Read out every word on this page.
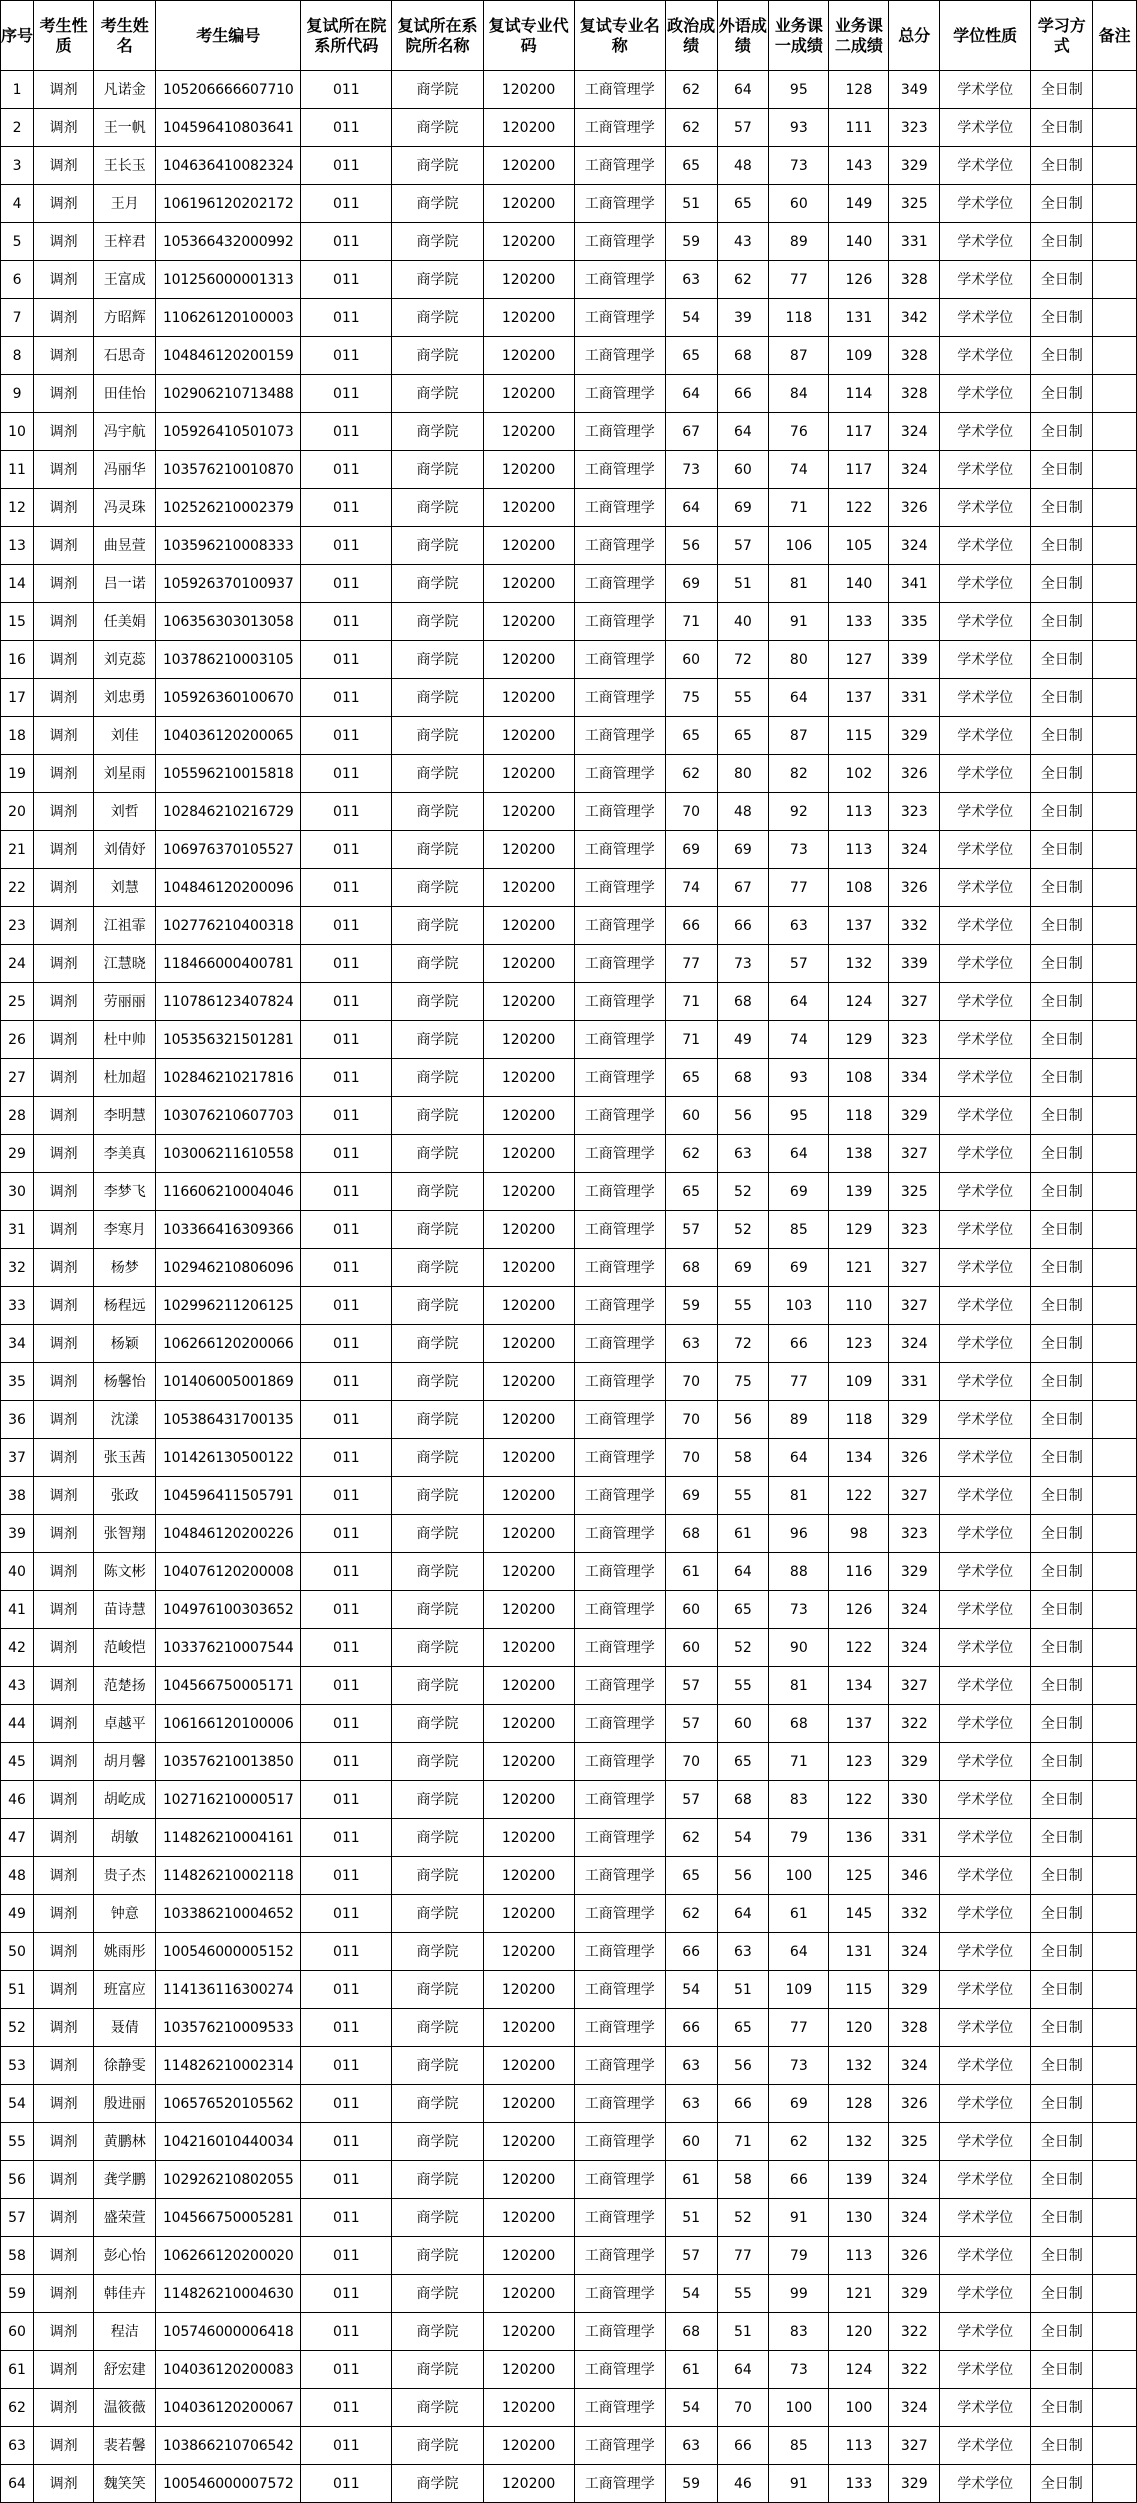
序号	考生性质	考生姓名	考生编号	复试所在院系所代码	复试所在系院所名称	复试专业代码	复试专业名称	政治成绩	外语成绩	业务课一成绩	业务课二成绩	总分	学位性质	学习方式	备注
1	调剂	凡诺金	105206666607710	011	商学院	120200	工商管理学	62	64	95	128	349	学术学位	全日制	
2	调剂	王一帆	104596410803641	011	商学院	120200	工商管理学	62	57	93	111	323	学术学位	全日制	
3	调剂	王长玉	104636410082324	011	商学院	120200	工商管理学	65	48	73	143	329	学术学位	全日制	
4	调剂	王月	106196120202172	011	商学院	120200	工商管理学	51	65	60	149	325	学术学位	全日制	
5	调剂	王梓君	105366432000992	011	商学院	120200	工商管理学	59	43	89	140	331	学术学位	全日制	
6	调剂	王富成	101256000001313	011	商学院	120200	工商管理学	63	62	77	126	328	学术学位	全日制	
7	调剂	方昭辉	110626120100003	011	商学院	120200	工商管理学	54	39	118	131	342	学术学位	全日制	
8	调剂	石思奇	104846120200159	011	商学院	120200	工商管理学	65	68	87	109	328	学术学位	全日制	
9	调剂	田佳怡	102906210713488	011	商学院	120200	工商管理学	64	66	84	114	328	学术学位	全日制	
10	调剂	冯宇航	105926410501073	011	商学院	120200	工商管理学	67	64	76	117	324	学术学位	全日制	
11	调剂	冯丽华	103576210010870	011	商学院	120200	工商管理学	73	60	74	117	324	学术学位	全日制	
12	调剂	冯灵珠	102526210002379	011	商学院	120200	工商管理学	64	69	71	122	326	学术学位	全日制	
13	调剂	曲昱萱	103596210008333	011	商学院	120200	工商管理学	56	57	106	105	324	学术学位	全日制	
14	调剂	吕一诺	105926370100937	011	商学院	120200	工商管理学	69	51	81	140	341	学术学位	全日制	
15	调剂	任美娟	106356303013058	011	商学院	120200	工商管理学	71	40	91	133	335	学术学位	全日制	
16	调剂	刘克蕊	103786210003105	011	商学院	120200	工商管理学	60	72	80	127	339	学术学位	全日制	
17	调剂	刘忠勇	105926360100670	011	商学院	120200	工商管理学	75	55	64	137	331	学术学位	全日制	
18	调剂	刘佳	104036120200065	011	商学院	120200	工商管理学	65	65	87	115	329	学术学位	全日制	
19	调剂	刘星雨	105596210015818	011	商学院	120200	工商管理学	62	80	82	102	326	学术学位	全日制	
20	调剂	刘哲	102846210216729	011	商学院	120200	工商管理学	70	48	92	113	323	学术学位	全日制	
21	调剂	刘倩妤	106976370105527	011	商学院	120200	工商管理学	69	69	73	113	324	学术学位	全日制	
22	调剂	刘慧	104846120200096	011	商学院	120200	工商管理学	74	67	77	108	326	学术学位	全日制	
23	调剂	江祖霏	102776210400318	011	商学院	120200	工商管理学	66	66	63	137	332	学术学位	全日制	
24	调剂	江慧晓	118466000400781	011	商学院	120200	工商管理学	77	73	57	132	339	学术学位	全日制	
25	调剂	劳丽丽	110786123407824	011	商学院	120200	工商管理学	71	68	64	124	327	学术学位	全日制	
26	调剂	杜中帅	105356321501281	011	商学院	120200	工商管理学	71	49	74	129	323	学术学位	全日制	
27	调剂	杜加超	102846210217816	011	商学院	120200	工商管理学	65	68	93	108	334	学术学位	全日制	
28	调剂	李明慧	103076210607703	011	商学院	120200	工商管理学	60	56	95	118	329	学术学位	全日制	
29	调剂	李美真	103006211610558	011	商学院	120200	工商管理学	62	63	64	138	327	学术学位	全日制	
30	调剂	李梦飞	116606210004046	011	商学院	120200	工商管理学	65	52	69	139	325	学术学位	全日制	
31	调剂	李寒月	103366416309366	011	商学院	120200	工商管理学	57	52	85	129	323	学术学位	全日制	
32	调剂	杨梦	102946210806096	011	商学院	120200	工商管理学	68	69	69	121	327	学术学位	全日制	
33	调剂	杨程远	102996211206125	011	商学院	120200	工商管理学	59	55	103	110	327	学术学位	全日制	
34	调剂	杨颖	106266120200066	011	商学院	120200	工商管理学	63	72	66	123	324	学术学位	全日制	
35	调剂	杨馨怡	101406005001869	011	商学院	120200	工商管理学	70	75	77	109	331	学术学位	全日制	
36	调剂	沈漾	105386431700135	011	商学院	120200	工商管理学	70	56	89	118	329	学术学位	全日制	
37	调剂	张玉茜	101426130500122	011	商学院	120200	工商管理学	70	58	64	134	326	学术学位	全日制	
38	调剂	张政	104596411505791	011	商学院	120200	工商管理学	69	55	81	122	327	学术学位	全日制	
39	调剂	张智翔	104846120200226	011	商学院	120200	工商管理学	68	61	96	98	323	学术学位	全日制	
40	调剂	陈文彬	104076120200008	011	商学院	120200	工商管理学	61	64	88	116	329	学术学位	全日制	
41	调剂	苗诗慧	104976100303652	011	商学院	120200	工商管理学	60	65	73	126	324	学术学位	全日制	
42	调剂	范峻恺	103376210007544	011	商学院	120200	工商管理学	60	52	90	122	324	学术学位	全日制	
43	调剂	范楚扬	104566750005171	011	商学院	120200	工商管理学	57	55	81	134	327	学术学位	全日制	
44	调剂	卓越平	106166120100006	011	商学院	120200	工商管理学	57	60	68	137	322	学术学位	全日制	
45	调剂	胡月馨	103576210013850	011	商学院	120200	工商管理学	70	65	71	123	329	学术学位	全日制	
46	调剂	胡屹成	102716210000517	011	商学院	120200	工商管理学	57	68	83	122	330	学术学位	全日制	
47	调剂	胡敏	114826210004161	011	商学院	120200	工商管理学	62	54	79	136	331	学术学位	全日制	
48	调剂	贵子杰	114826210002118	011	商学院	120200	工商管理学	65	56	100	125	346	学术学位	全日制	
49	调剂	钟意	103386210004652	011	商学院	120200	工商管理学	62	64	61	145	332	学术学位	全日制	
50	调剂	姚雨彤	100546000005152	011	商学院	120200	工商管理学	66	63	64	131	324	学术学位	全日制	
51	调剂	班富应	114136116300274	011	商学院	120200	工商管理学	54	51	109	115	329	学术学位	全日制	
52	调剂	聂倩	103576210009533	011	商学院	120200	工商管理学	66	65	77	120	328	学术学位	全日制	
53	调剂	徐静雯	114826210002314	011	商学院	120200	工商管理学	63	56	73	132	324	学术学位	全日制	
54	调剂	殷进丽	106576520105562	011	商学院	120200	工商管理学	63	66	69	128	326	学术学位	全日制	
55	调剂	黄鹏林	104216010440034	011	商学院	120200	工商管理学	60	71	62	132	325	学术学位	全日制	
56	调剂	龚学鹏	102926210802055	011	商学院	120200	工商管理学	61	58	66	139	324	学术学位	全日制	
57	调剂	盛荣萱	104566750005281	011	商学院	120200	工商管理学	51	52	91	130	324	学术学位	全日制	
58	调剂	彭心怡	106266120200020	011	商学院	120200	工商管理学	57	77	79	113	326	学术学位	全日制	
59	调剂	韩佳卉	114826210004630	011	商学院	120200	工商管理学	54	55	99	121	329	学术学位	全日制	
60	调剂	程洁	105746000006418	011	商学院	120200	工商管理学	68	51	83	120	322	学术学位	全日制	
61	调剂	舒宏建	104036120200083	011	商学院	120200	工商管理学	61	64	73	124	322	学术学位	全日制	
62	调剂	温筱薇	104036120200067	011	商学院	120200	工商管理学	54	70	100	100	324	学术学位	全日制	
63	调剂	裴若馨	103866210706542	011	商学院	120200	工商管理学	63	66	85	113	327	学术学位	全日制	
64	调剂	魏笑笑	100546000007572	011	商学院	120200	工商管理学	59	46	91	133	329	学术学位	全日制	
